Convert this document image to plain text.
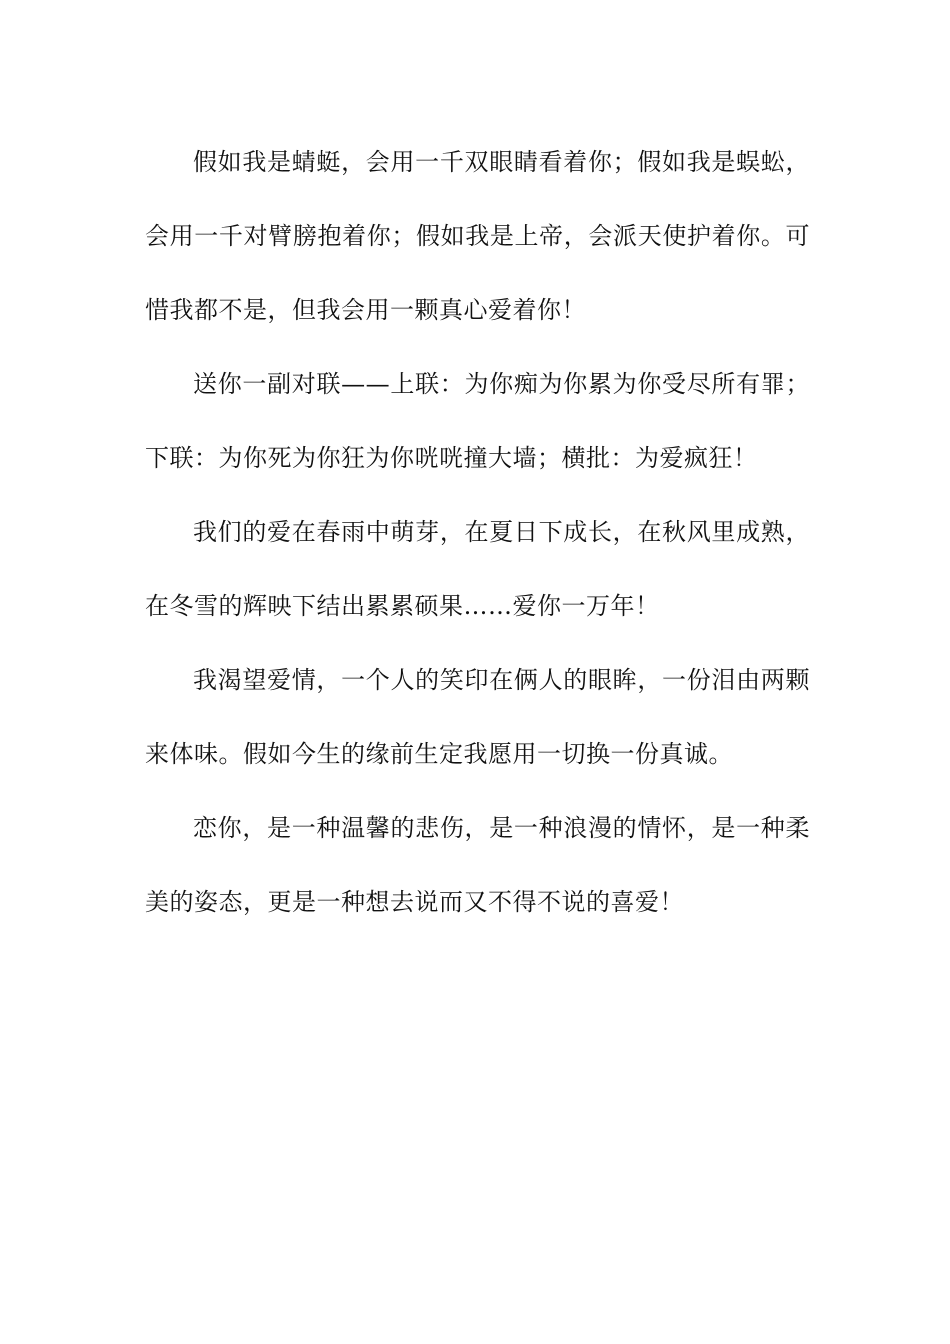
假如我是蜻蜓，会用一千双眼睛看着你；假如我是蜈蚣，会用一千对臂膀抱着你；假如我是上帝，会派天使护着你。可惜我都不是，但我会用一颗真心爱着你！

送你一副对联——上联：为你痴为你累为你受尽所有罪；下联：为你死为你狂为你咣咣撞大墙；横批：为爱疯狂！

我们的爱在春雨中萌芽，在夏日下成长，在秋风里成熟，在冬雪的辉映下结出累累硕果……爱你一万年！

我渴望爱情，一个人的笑印在俩人的眼眸，一份泪由两颗来体味。假如今生的缘前生定我愿用一切换一份真诚。

恋你，是一种温馨的悲伤，是一种浪漫的情怀，是一种柔美的姿态，更是一种想去说而又不得不说的喜爱！
